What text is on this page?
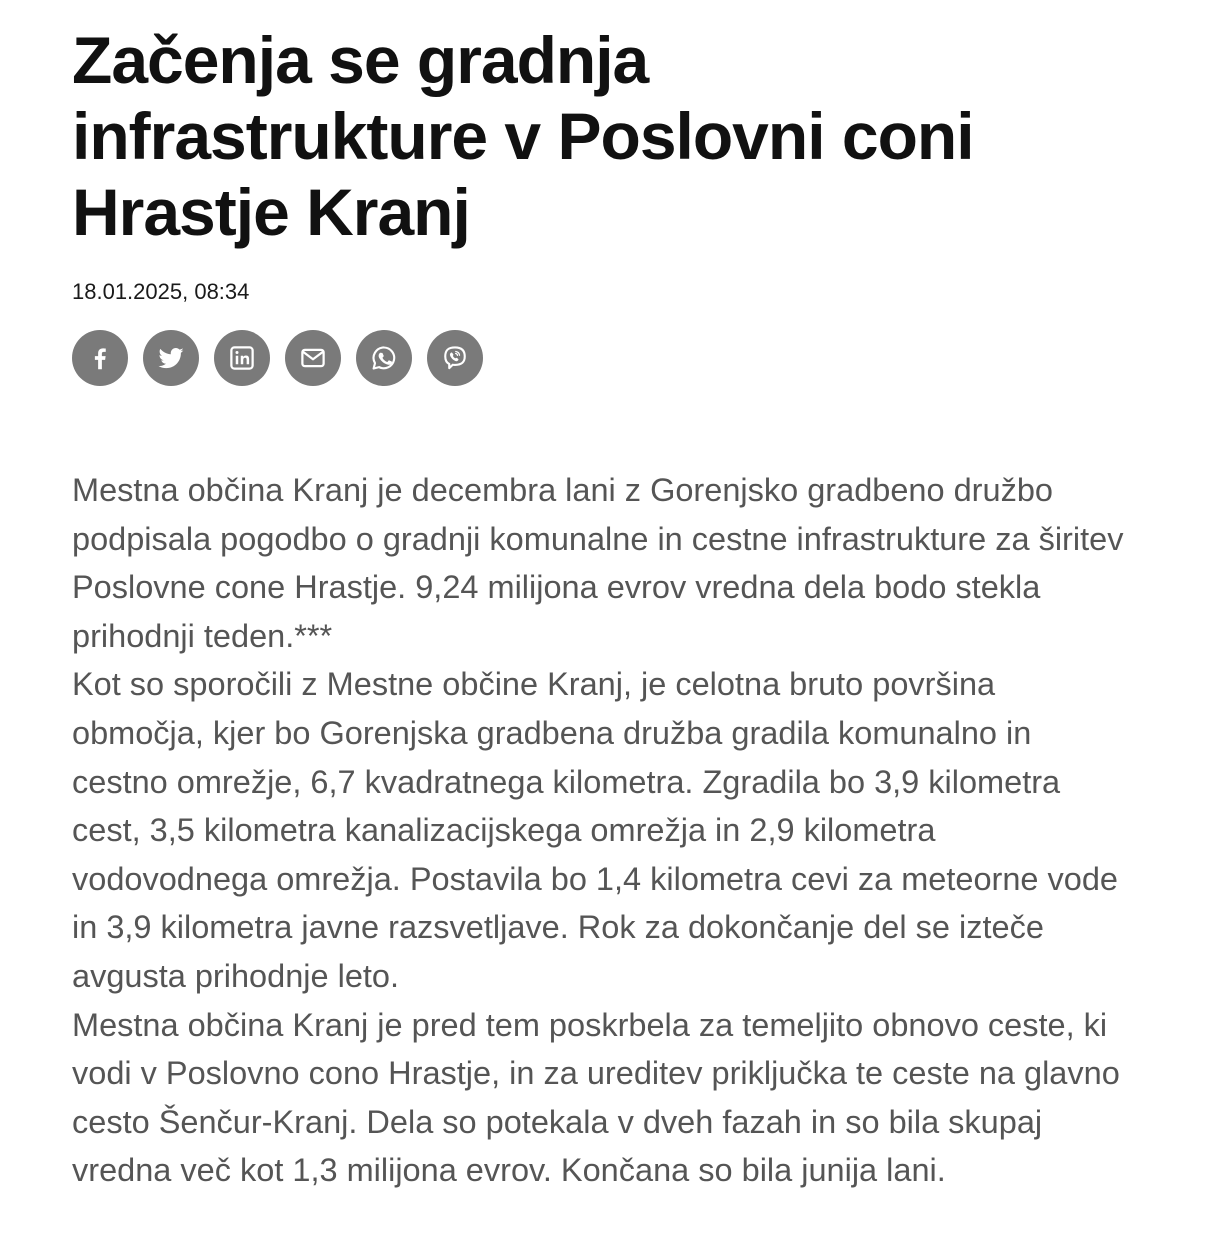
Začenja se gradnja
infrastrukture v Poslovni coni
Hrastje Kranj
18.01.2025, 08:34

Mestna občina Kranj je decembra lani z Gorenjsko gradbeno družbo podpisala pogodbo o gradnji komunalne in cestne infrastrukture za širitev Poslovne cone Hrastje. 9,24 milijona evrov vredna dela bodo stekla prihodnji teden.***

Kot so sporočili z Mestne občine Kranj, je celotna bruto površina območja, kjer bo Gorenjska gradbena družba gradila komunalno in cestno omrežje, 6,7 kvadratnega kilometra. Zgradila bo 3,9 kilometra cest, 3,5 kilometra kanalizacijskega omrežja in 2,9 kilometra vodovodnega omrežja. Postavila bo 1,4 kilometra cevi za meteorne vode in 3,9 kilometra javne razsvetljave. Rok za dokončanje del se izteče avgusta prihodnje leto.

Mestna občina Kranj je pred tem poskrbela za temeljito obnovo ceste, ki vodi v Poslovno cono Hrastje, in za ureditev priključka te ceste na glavno cesto Šenčur-Kranj. Dela so potekala v dveh fazah in so bila skupaj vredna več kot 1,3 milijona evrov. Končana so bila junija lani.
